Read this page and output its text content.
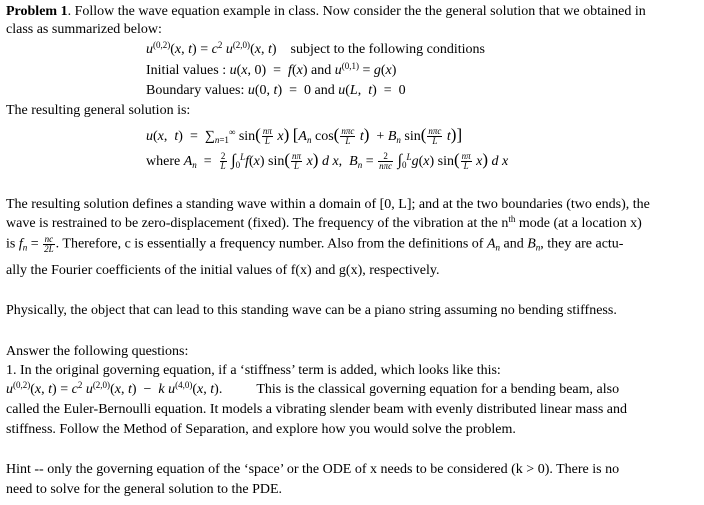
Problem 1. Follow the wave equation example in class. Now consider the the general solution that we obtained in
class as summarized below:
$u^{(0,2)}(x$, $t) = c^2$ $u^{(2,0)}(x$, t)    subject to the following conditions
Initial values : u(x, 0)  =  f(x) and $u^{(0,1)} = g(x)$
Boundary values: u(0, t)  =  0 and u(L,  t)  =  0
The resulting general solution is:
u(x,  $t) = \sum_{n=1}^\infty$ $\sin( \frac{n\pi}{L} x)$ [$A_n$ $\cos( \frac{\text{nπc}}{L} t) + B_n$ $\sin( \frac{\text{nπc}}{L} t)$]
where $A_n = \frac{2}{L} \int_0^Lf(x)$ $\sin( \frac{n\pi}{L} x)$ d x,  $B_n = \frac{2}{\text{nπc}} \int_0^Lg(x)$ $\sin( \frac{n\pi}{L} x)$ d x
The resulting solution defines a standing wave within a domain of [0, L]; and at the two boundaries (two ends), the
wave is restrained to be zero-displacement (fixed). The frequency of the vibration at the $n^{th}$ mode (at a location x)
is $f_n = \frac{nc}{2L}$ . Therefore, c is essentially a frequency number. Also from the definitions of $A_n$ and $B_n$, they are actu-
ally the Fourier coefficients of the initial values of f(x) and g(x), respectively.
Physically, the object that can lead to this standing wave can be a piano string assuming no bending stiffness.
Answer the following questions:
1. In the original governing equation, if a ‘stiffness’ term is added, which looks like this:
$u^{(0,2)}(x$, $t) = c^2$ $u^{(2,0)}(x$, t)  −  k $u^{(4,0)}(x$, t). This is the classical governing equation for a bending beam, also
called the Euler-Bernoulli equation. It models a vibrating slender beam with evenly distributed linear mass and
stiffness. Follow the Method of Separation, and explore how you would solve the problem.
Hint -- only the governing equation of the ‘space’ or the ODE of x needs to be considered (k > 0). There is no
need to solve for the general solution to the PDE.
